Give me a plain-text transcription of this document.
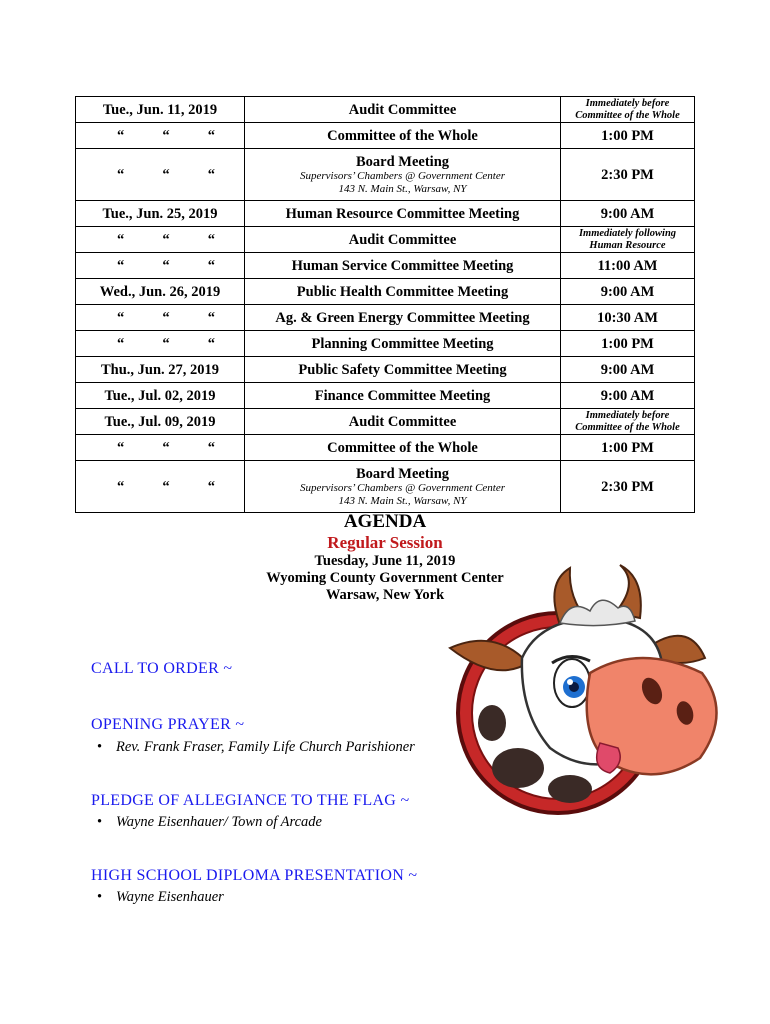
Tue., Jun. 11, 2019	Audit Committee	Immediately before Committee of the Whole

“ “ “	Committee of the Whole	1:00 PM

“ “ “	Board Meeting
Supervisors’ Chambers @ Government Center
143 N. Main St., Warsaw, NY	2:30 PM
Tue., Jun. 25, 2019	Human Resource Committee Meeting	9:00 AM

“ “ “	Audit Committee	Immediately following Human Resource

“ “ “	Human Service Committee Meeting	11:00 AM
Wed., Jun. 26, 2019	Public Health Committee Meeting	9:00 AM

“ “ “	Ag. & Green Energy Committee Meeting	10:30 AM

“ “ “	Planning Committee Meeting	1:00 PM
Thu., Jun. 27, 2019	Public Safety Committee Meeting	9:00 AM
Tue., Jul. 02, 2019	Finance Committee Meeting	9:00 AM
Tue., Jul. 09, 2019	Audit Committee	Immediately before Committee of the Whole

“ “ “	Committee of the Whole	1:00 PM

“ “ “	Board Meeting
Supervisors’ Chambers @ Government Center
143 N. Main St., Warsaw, NY	2:30 PM
AGENDA
Regular Session
Tuesday, June 11, 2019
Wyoming County Government Center
Warsaw, New York
CALL TO ORDER ~
OPENING PRAYER ~
• Rev. Frank Fraser, Family Life Church Parishioner
PLEDGE OF ALLEGIANCE TO THE FLAG ~
• Wayne Eisenhauer/ Town of Arcade
HIGH SCHOOL DIPLOMA PRESENTATION ~
• Wayne Eisenhauer
